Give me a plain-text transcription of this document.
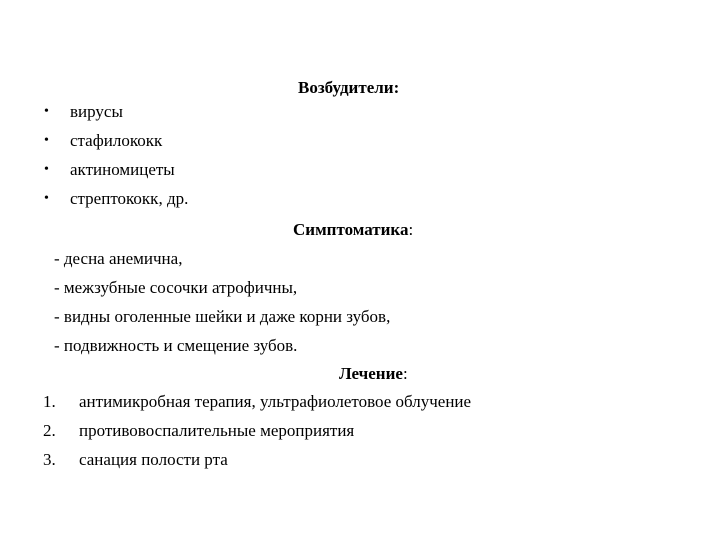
Возбудители:
• вирусы
• стафилококк
• актиномицеты
• стрептококк, др.
Симптоматика:
- десна анемична,
- межзубные сосочки атрофичны,
- видны оголенные шейки и даже корни зубов,
- подвижность и смещение зубов.
Лечение:
1. антимикробная терапия, ультрафиолетовое облучение
2. противовоспалительные мероприятия
3. санация полости рта
